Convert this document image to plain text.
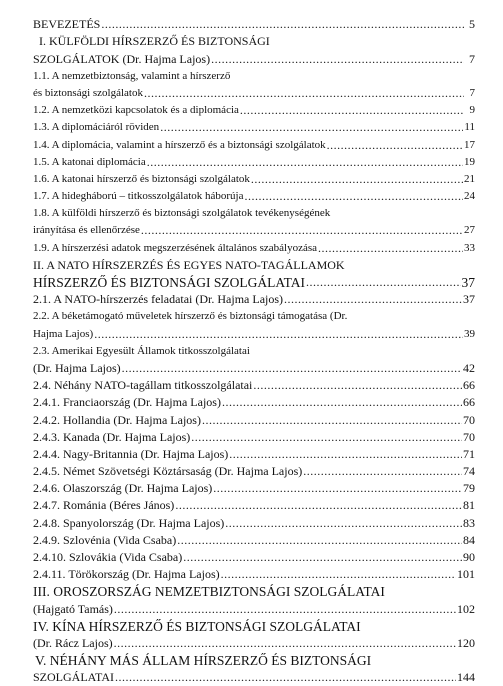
BEVEZETÉS .....	5
I. KÜLFÖLDI HÍRSZERZŐ ÉS BIZTONSÁGI
SZOLGÁLATOK (Dr. Hajma Lajos) .....	7
1.1. A nemzetbiztonság, valamint a hírszerző
és biztonsági szolgálatok .....	7
1.2. A nemzetközi kapcsolatok és a diplomácia .....	9
1.3. A diplomáciáról röviden .....	11
1.4. A diplomácia, valamint a hírszerző és a biztonsági szolgálatok .....	17
1.5. A katonai diplomácia .....	19
1.6. A katonai hírszerző és biztonsági szolgálatok .....	21
1.7. A hidegháború – titkosszolgálatok háborúja .....	24
1.8. A külföldi hírszerző és biztonsági szolgálatok tevékenységének
irányítása és ellenőrzése .....	27
1.9. A hírszerzési adatok megszerzésének általános szabályozása .....	33
II. A NATO HÍRSZERZÉS ÉS EGYES NATO-TAGÁLLAMOK
HÍRSZERZŐ ÉS BIZTONSÁGI SZOLGÁLATAI .....	37
2.1. A NATO-hírszerzés feladatai (Dr. Hajma Lajos) .....	37
2.2. A béketámogató műveletek hírszerző és biztonsági támogatása (Dr.
Hajma Lajos) .....	39
2.3. Amerikai Egyesült Államok titkosszolgálatai
(Dr. Hajma Lajos) .....	42
2.4. Néhány NATO-tagállam titkosszolgálatai .....	66
2.4.1. Franciaország (Dr. Hajma Lajos) .....	66
2.4.2. Hollandia (Dr. Hajma Lajos) .....	70
2.4.3. Kanada (Dr. Hajma Lajos) .....	70
2.4.4. Nagy-Britannia (Dr. Hajma Lajos) .....	71
2.4.5. Német Szövetségi Köztársaság (Dr. Hajma Lajos) .....	74
2.4.6. Olaszország (Dr. Hajma Lajos) .....	79
2.4.7. Románia (Béres János) .....	81
2.4.8. Spanyolország (Dr. Hajma Lajos) .....	83
2.4.9. Szlovénia (Vida Csaba) .....	84
2.4.10. Szlovákia (Vida Csaba) .....	90
2.4.11. Törökország (Dr. Hajma Lajos) .....	101
III. OROSZORSZÁG NEMZETBIZTONSÁGI SZOLGÁLATAI
(Hajgató Tamás) .....	102
IV. KÍNA HÍRSZERZŐ ÉS BIZTONSÁGI SZOLGÁLATAI
(Dr. Rácz Lajos) .....	120
V. NÉHÁNY MÁS ÁLLAM HÍRSZERZŐ ÉS BIZTONSÁGI
SZOLGÁLATAI .....	144
